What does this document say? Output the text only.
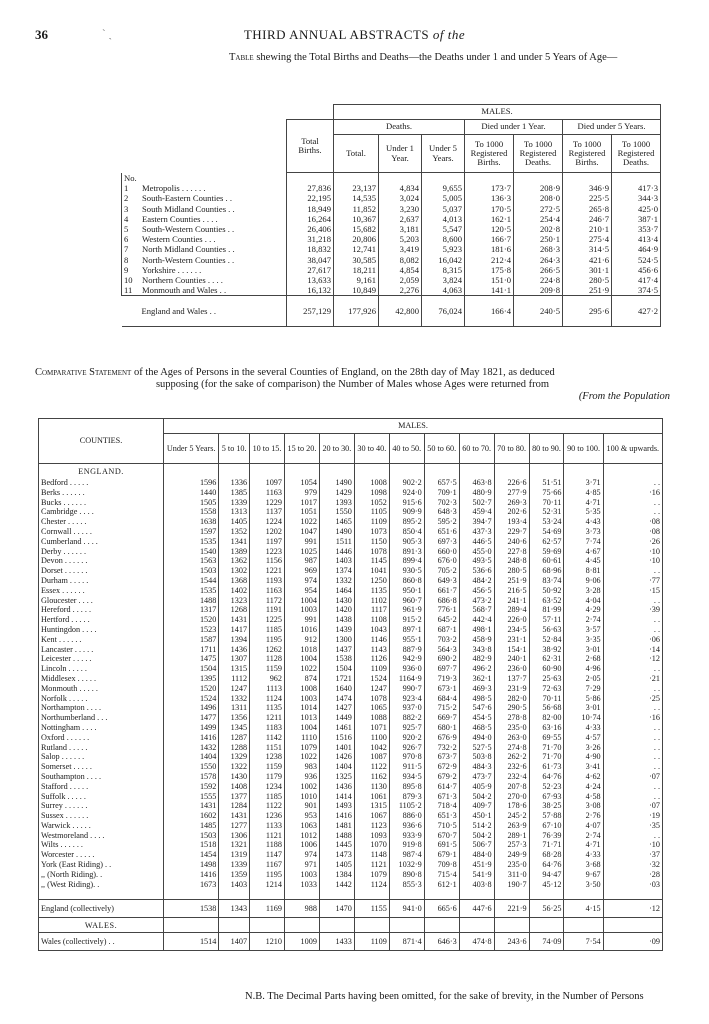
36	ˋ ˎ	THIRD ANNUAL ABSTRACTS of the
Table shewing the Total Births and Deaths—the Deaths under 1 and under 5 Years of Age—
			MALES.						
		Total Births.	Deaths.			Died under 1 Year.		Died under 5 Years.	
			Total.	Under 1 Year.	Under 5 Years.	To 1000 Registered Births.	To 1000 Registered Deaths.	To 1000 Registered Births.	To 1000 Registered Deaths.
No.									
1	Metropolis . . . . . .	27,836	23,137	4,834	9,655	173·7	208·9	346·9	417·3
2	South-Eastern Counties . .	22,195	14,535	3,024	5,005	136·3	208·0	225·5	344·3
3	South Midland Counties . .	18,949	11,852	3,230	5,037	170·5	272·5	265·8	425·0
4	Eastern Counties . . . .	16,264	10,367	2,637	4,013	162·1	254·4	246·7	387·1
5	South-Western Counties . .	26,406	15,682	3,181	5,547	120·5	202·8	210·1	353·7
6	Western Counties . . .	31,218	20,806	5,203	8,600	166·7	250·1	275·4	413·4
7	North Midland Counties . .	18,832	12,741	3,419	5,923	181·6	268·3	314·5	464·9
8	North-Western Counties . .	38,047	30,585	8,082	16,042	212·4	264·3	421·6	524·5
9	Yorkshire . . . . . .	27,617	18,211	4,854	8,315	175·8	266·5	301·1	456·6
10	Northern Counties . . . .	13,633	9,161	2,059	3,824	151·0	224·8	280·5	417·4
11	Monmouth and Wales . .	16,132	10,849	2,276	4,063	141·1	209·8	251·9	374·5
England and Wales . .		257,129	177,926	42,800	76,024	166·4	240·5	295·6	427·2
Comparative Statement of the Ages of Persons in the several Counties of England, on the 28th day of May 1821, as deduced
supposing (for the sake of comparison) the Number of Males whose Ages were returned from
(From the Population
COUNTIES.	MALES.												
	Under 5 Years.	5 to 10.	10 to 15.	15 to 20.	20 to 30.	30 to 40.	40 to 50.	50 to 60.	60 to 70.	70 to 80.	80 to 90.	90 to 100.	100 & upwards.
ENGLAND.													
Bedford . . . . .	1596	1336	1097	1054	1490	1008	902·2	657·5	463·8	226·6	51·51	3·71	. .
Berks . . . . . .	1440	1385	1163	979	1429	1098	924·0	709·1	480·9	277·9	75·66	4·85	·16
Bucks . . . . . .	1505	1339	1229	1017	1393	1052	915·6	702·3	502·7	269·3	70·11	4·71	. .
Cambridge . . . .	1558	1313	1137	1051	1550	1105	909·9	648·3	459·4	202·6	52·31	5·35	. .
Chester . . . . .	1638	1405	1224	1022	1465	1109	895·2	595·2	394·7	193·4	53·24	4·43	·08
Cornwall . . . . .	1597	1352	1202	1047	1490	1073	850·4	651·6	437·3	229·7	54·69	3·73	·08
Cumberland . . . .	1535	1341	1197	991	1511	1150	905·3	697·3	446·5	240·6	62·57	7·74	·26
Derby . . . . . .	1540	1389	1223	1025	1446	1078	891·3	660·0	455·0	227·8	59·69	4·67	·10
Devon . . . . . .	1563	1362	1156	987	1403	1145	899·4	676·0	493·5	248·8	60·61	4·45	·10
Dorset . . . . . .	1503	1302	1221	969	1374	1041	930·5	705·2	536·6	280·5	68·96	8·81	. .
Durham . . . . .	1544	1368	1193	974	1332	1250	860·8	649·3	484·2	251·9	83·74	9·06	·77
Essex . . . . . .	1535	1402	1163	954	1464	1135	950·1	661·7	456·5	216·5	50·92	3·28	·15
Gloucester . . . .	1488	1323	1172	1004	1430	1102	960·7	686·8	473·2	241·1	63·52	4·04	. .
Hereford . . . . .	1317	1268	1191	1003	1420	1117	961·9	776·1	568·7	289·4	81·99	4·29	·39
Hertford . . . . .	1520	1431	1225	991	1438	1108	915·2	645·2	442·4	226·0	57·11	2·74	. .
Huntingdon . . . .	1523	1417	1185	1016	1439	1043	897·1	687·1	498·1	234·5	56·63	3·57	. .
Kent . . . . . .	1587	1394	1195	912	1300	1146	955·1	703·2	458·9	231·1	52·84	3·35	·06
Lancaster . . . . .	1711	1436	1262	1018	1437	1143	887·9	564·3	343·8	154·1	38·92	3·01	·14
Leicester . . . . .	1475	1307	1128	1004	1538	1126	942·9	690·2	482·9	240·1	62·31	2·68	·12
Lincoln . . . . .	1504	1315	1159	1022	1504	1109	936·0	697·7	496·2	236·0	60·90	4·96	. .
Middlesex . . . . .	1395	1112	962	874	1721	1524	1164·9	719·3	362·1	137·7	25·63	2·05	·21
Monmouth . . . . .	1520	1247	1113	1008	1640	1247	990·7	673·1	469·3	231·9	72·63	7·29	. .
Norfolk . . . . .	1524	1332	1124	1003	1474	1078	923·4	684·4	498·5	282·0	70·11	5·86	·25
Northampton . . . .	1496	1311	1135	1014	1427	1065	937·0	715·2	547·6	290·5	56·68	3·01	. .
Northumberland . . .	1477	1356	1211	1013	1449	1088	882·2	669·7	454·5	278·8	82·00	10·74	·16
Nottingham . . . .	1499	1345	1183	1004	1461	1071	925·7	680·1	468·5	235·0	63·16	4·33	. .
Oxford . . . . . .	1416	1287	1142	1110	1516	1100	920·2	676·9	494·0	263·0	69·55	4·57	. .
Rutland . . . . .	1432	1288	1151	1079	1401	1042	926·7	732·2	527·5	274·8	71·70	3·26	. .
Salop . . . . . .	1404	1329	1238	1022	1426	1087	970·8	673·7	503·8	262·2	71·70	4·90	. .
Somerset . . . . .	1550	1322	1159	983	1404	1122	911·5	672·9	484·3	232·6	61·73	3·41	. .
Southampton . . . .	1578	1430	1179	936	1325	1162	934·5	679·2	473·7	232·4	64·76	4·62	·07
Stafford . . . . .	1592	1408	1234	1002	1436	1130	895·8	614·7	405·9	207·8	52·23	4·24	. .
Suffolk . . . . .	1555	1377	1185	1010	1414	1061	879·3	671·3	504·2	270·0	67·93	4·58	. .
Surrey . . . . . .	1431	1284	1122	901	1493	1315	1105·2	718·4	409·7	178·6	38·25	3·08	·07
Sussex . . . . . .	1602	1431	1236	953	1416	1067	886·0	651·3	450·1	245·2	57·88	2·76	·19
Warwick . . . . .	1485	1277	1133	1063	1481	1123	936·6	710·5	514·2	263·9	67·10	4·07	·35
Westmoreland . . . .	1503	1306	1121	1012	1488	1093	933·9	670·7	504·2	289·1	76·39	2·74	. .
Wilts . . . . . .	1518	1321	1188	1006	1445	1070	919·8	691·5	506·7	257·3	71·71	4·71	·10
Worcester . . . . .	1454	1319	1147	974	1473	1148	987·4	679·1	484·0	249·9	68·28	4·33	·37
York (East Riding) . .	1498	1339	1167	971	1405	1121	1032·9	709·8	451·9	235·0	64·76	3·68	·32
,, (North Riding). .	1416	1359	1195	1003	1384	1079	890·8	715·4	541·9	311·0	94·47	9·67	·28
,, (West Riding). .	1673	1403	1214	1033	1442	1124	855·3	612·1	403·8	190·7	45·12	3·50	·03

England (collectively)	1538	1343	1169	988	1470	1155	941·0	665·6	447·6	221·9	56·25	4·15	·12
WALES.													
Wales (collectively) . .	1514	1407	1210	1009	1433	1109	871·4	646·3	474·8	243·6	74·09	7·54	·09
N.B. The Decimal Parts having been omitted, for the sake of brevity, in the Number of Persons
